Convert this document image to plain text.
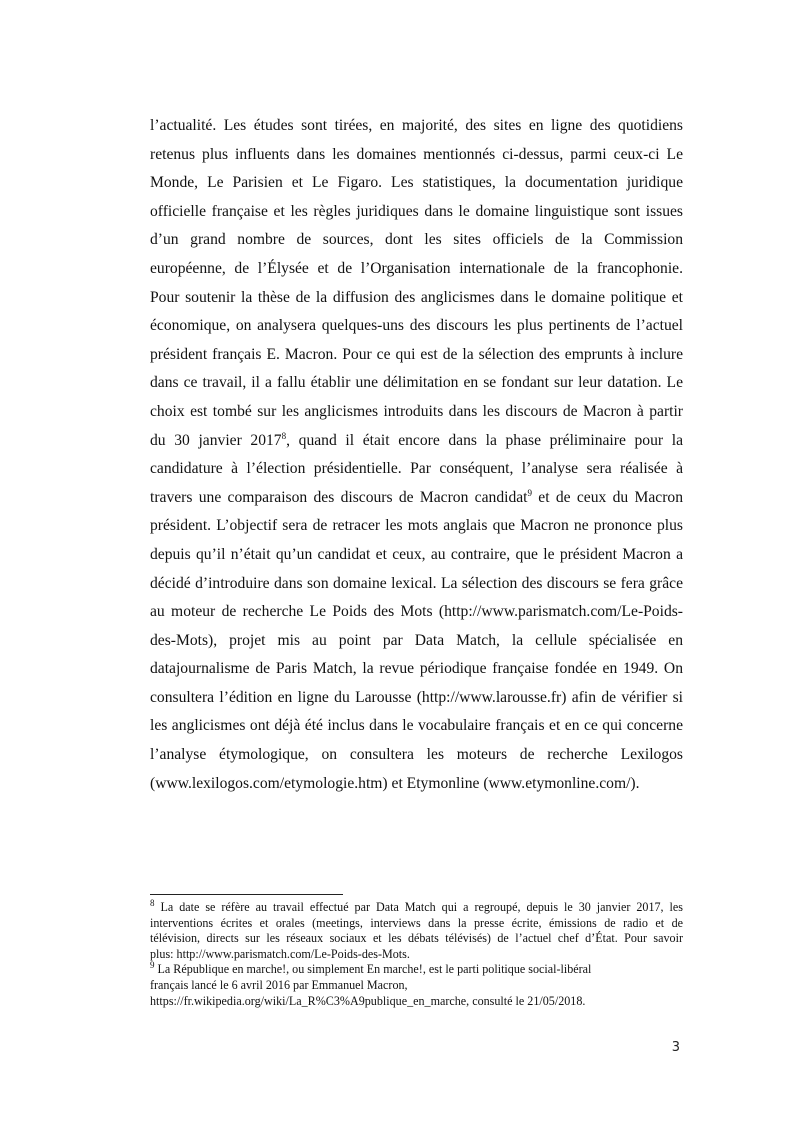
l’actualité. Les études sont tirées, en majorité, des sites en ligne des quotidiens
retenus plus influents dans les domaines mentionnés ci-dessus, parmi ceux-ci Le
Monde, Le Parisien et Le Figaro. Les statistiques, la documentation juridique
officielle française et les règles juridiques dans le domaine linguistique sont issues
d’un grand nombre de sources, dont les sites officiels de la Commission
européenne, de l’Élysée et de l’Organisation internationale de la francophonie.
Pour soutenir la thèse de la diffusion des anglicismes dans le domaine politique et
économique, on analysera quelques-uns des discours les plus pertinents de l’actuel
président français E. Macron. Pour ce qui est de la sélection des emprunts à inclure
dans ce travail, il a fallu établir une délimitation en se fondant sur leur datation. Le
choix est tombé sur les anglicismes introduits dans les discours de Macron à partir
du 30 janvier 2017$^8$, quand il était encore dans la phase préliminaire pour la
candidature à l’élection présidentielle. Par conséquent, l’analyse sera réalisée à
travers une comparaison des discours de Macron candidat$^9$ et de ceux du Macron
président. L’objectif sera de retracer les mots anglais que Macron ne prononce plus
depuis qu’il n’était qu’un candidat et ceux, au contraire, que le président Macron a
décidé d’introduire dans son domaine lexical. La sélection des discours se fera grâce
au moteur de recherche Le Poids des Mots (http://www.parismatch.com/Le-Poids-
des-Mots), projet mis au point par Data Match, la cellule spécialisée en
datajournalisme de Paris Match, la revue périodique française fondée en 1949. On
consultera l’édition en ligne du Larousse (http://www.larousse.fr) afin de vérifier si
les anglicismes ont déjà été inclus dans le vocabulaire français et en ce qui concerne
l’analyse étymologique, on consultera les moteurs de recherche Lexilogos
(www.lexilogos.com/etymologie.htm) et Etymonline (www.etymonline.com/).
$^8$ La date se réfère au travail effectué par Data Match qui a regroupé, depuis le 30 janvier 2017, les
interventions écrites et orales (meetings, interviews dans la presse écrite, émissions de radio et de
télévision, directs sur les réseaux sociaux et les débats télévisés) de l’actuel chef d’État. Pour savoir
plus: http://www.parismatch.com/Le-Poids-des-Mots.
$^9$ La République en marche!, ou simplement En marche!, est le parti politique social-libéral
français lancé le 6 avril 2016 par Emmanuel Macron,
https://fr.wikipedia.org/wiki/La_R%C3%A9publique_en_marche, consulté le 21/05/2018.
3
